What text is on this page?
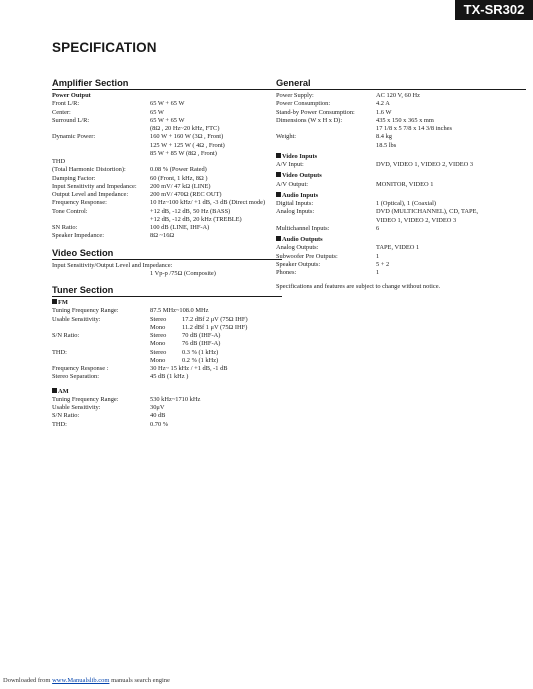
TX-SR302
SPECIFICATION
Amplifier Section
Power Output
Front L/R:	65 W + 65 W
Center:	65 W
Surround L/R:	65 W + 65 W
(8Ω , 20 Hz~20 kHz, FTC)
Dynamic Power:	160 W + 160 W (3Ω , Front)
125 W + 125 W ( 4Ω , Front)
85 W + 85 W (8Ω , Front)
THD
(Total Harmonic Distortion):	0.08 % (Power Rated)
Damping Factor:	60 (Front, 1 kHz, 8Ω )
Input Sensitivity and Impedance: 200 mV/ 47 kΩ (LINE)
Output Level and Impedance:	200 mV/ 470Ω (REC OUT)
Frequency Response:	10 Hz~100 kHz/ +1 dB, -3 dB (Direct mode)
Tone Control:	+12 dB, -12 dB, 50 Hz (BASS)
+12 dB, -12 dB, 20 kHz (TREBLE)
SN Ratio:	100 dB (LINE, IHF-A)
Speaker Impedance:	8Ω ~16Ω
Video Section
Input Sensitivity/Output Level and Impedance:
1 Vp-p /75Ω (Composite)
Tuner Section
FM
Tuning Frequency Range:	87.5 MHz~108.0 MHz
Usable Sensitivity:	Stereo 17.2 dBf 2 μV (75Ω IHF)
Mono	11.2 dBf 1 μV (75Ω IHF)
S/N Ratio:	Stereo 70 dB (IHF-A)
Mono	76 dB (IHF-A)
THD:	Stereo 0.3 % (1 kHz)
Mono	0.2 % (1 kHz)
Frequency Response :	30 Hz~ 15 kHz / +1 dB, -1 dB
Stereo Separation:	45 dB (1 kHz )
AM
Tuning Frequency Range:	530 kHz~1710 kHz
Usable Sensitivity:	30μV
S/N Ratio:	40 dB
THD:	0.70 %
General
Power Supply:	AC 120 V, 60 Hz
Power Consumption:	4.2 A
Stand-by Power Consumption:	1.6 W
Dimensions (W x H x D):	435 x 150 x 365 x mm
17 1/8 x 5 7/8 x 14 3/8 inches
Weight:	8.4 kg
18.5 lbs
Video Inputs
A/V Input:	DVD, VIDEO 1, VIDEO 2, VIDEO 3
Video Outputs
A/V Output:	MONITOR, VIDEO 1
Audio Inputs
Digital Inputs:	1 (Optical), 1 (Coaxial)
Analog Inputs:	DVD (MULTICHANNEL), CD, TAPE,
VIDEO 1, VIDEO 2, VIDEO 3
Multichannel Inputs:	6
Audio Outputs
Analog Outputs:	TAPE, VIDEO 1
Subwoofer Pre Outputs:	1
Speaker Outputs:	5 + 2
Phones:	1
Specifications and features are subject to change without notice.
Downloaded from www.Manualslib.com manuals search engine
